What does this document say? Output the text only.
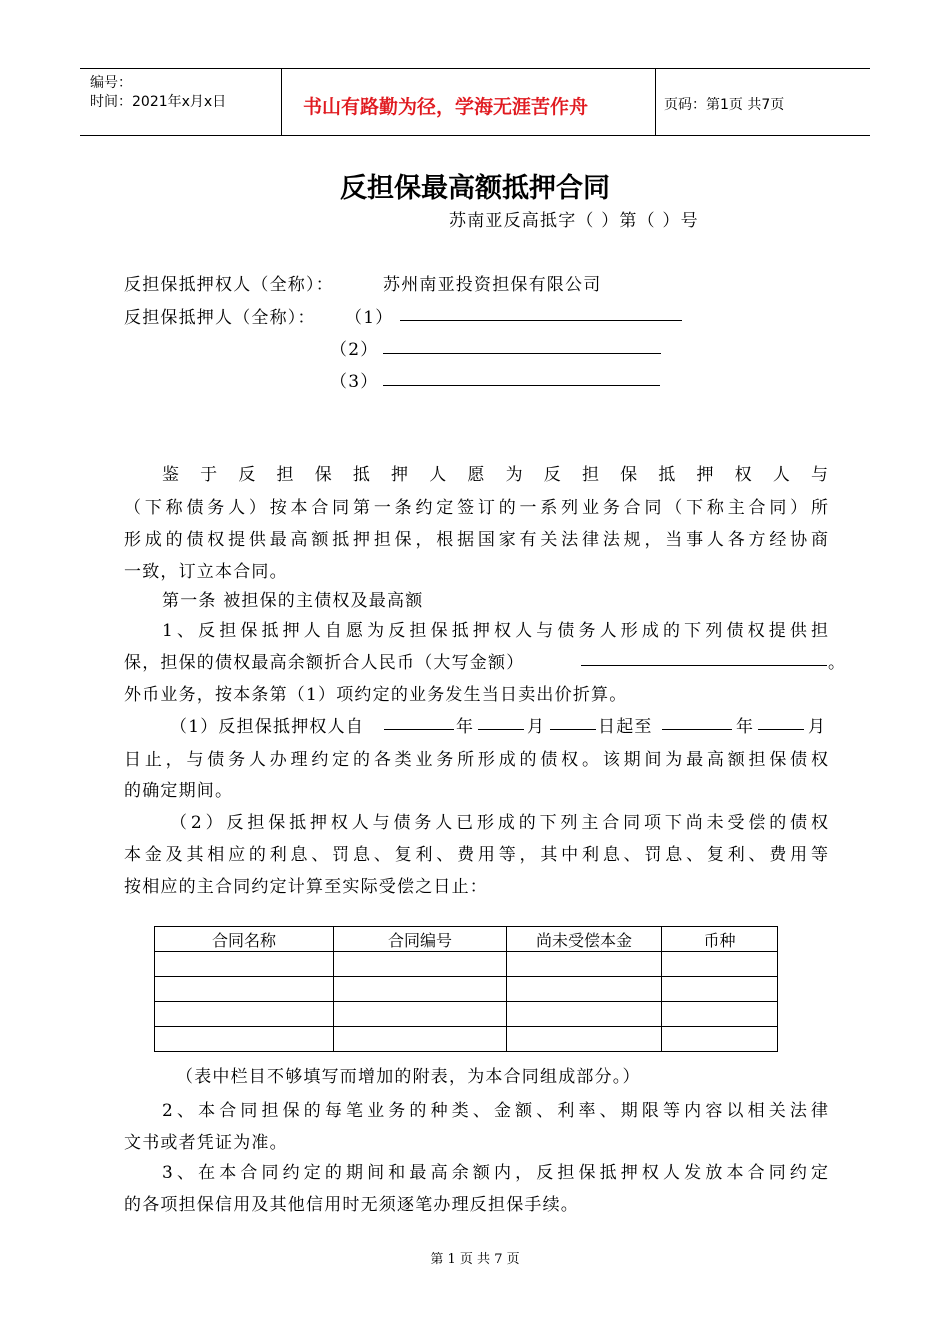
编号：
时间：2021年x月x日	书山有路勤为径，学海无涯苦作舟	页码：第1页 共7页
反担保最高额抵押合同
苏南亚反高抵字（ ）第（ ）号
反担保抵押权人（全称）：	苏州南亚投资担保有限公司
反担保抵押人（全称）： （1）
（2）
（3）
鉴于反担保抵押人愿为反担保抵押权人与
（下称债务人）按本合同第一条约定签订的一系列业务合同（下称主合同）所
形成的债权提供最高额抵押担保，根据国家有关法律法规，当事人各方经协商
一致，订立本合同。
第一条 被担保的主债权及最高额
1、反担保抵押人自愿为反担保抵押权人与债务人形成的下列债权提供担
保，担保的债权最高余额折合人民币（大写金额）	。
外币业务，按本条第（1）项约定的业务发生当日卖出价折算。
（1）反担保抵押权人自	年	月	日起至	年	月
日止，与债务人办理约定的各类业务所形成的债权。该期间为最高额担保债权
的确定期间。
（2）反担保抵押权人与债务人已形成的下列主合同项下尚未受偿的债权
本金及其相应的利息、罚息、复利、费用等，其中利息、罚息、复利、费用等
按相应的主合同约定计算至实际受偿之日止：
合同名称	合同编号	尚未受偿本金	币种

（表中栏目不够填写而增加的附表，为本合同组成部分。）
2、本合同担保的每笔业务的种类、金额、利率、期限等内容以相关法律
文书或者凭证为准。
3、在本合同约定的期间和最高余额内，反担保抵押权人发放本合同约定
的各项担保信用及其他信用时无须逐笔办理反担保手续。
第 1 页 共 7 页
